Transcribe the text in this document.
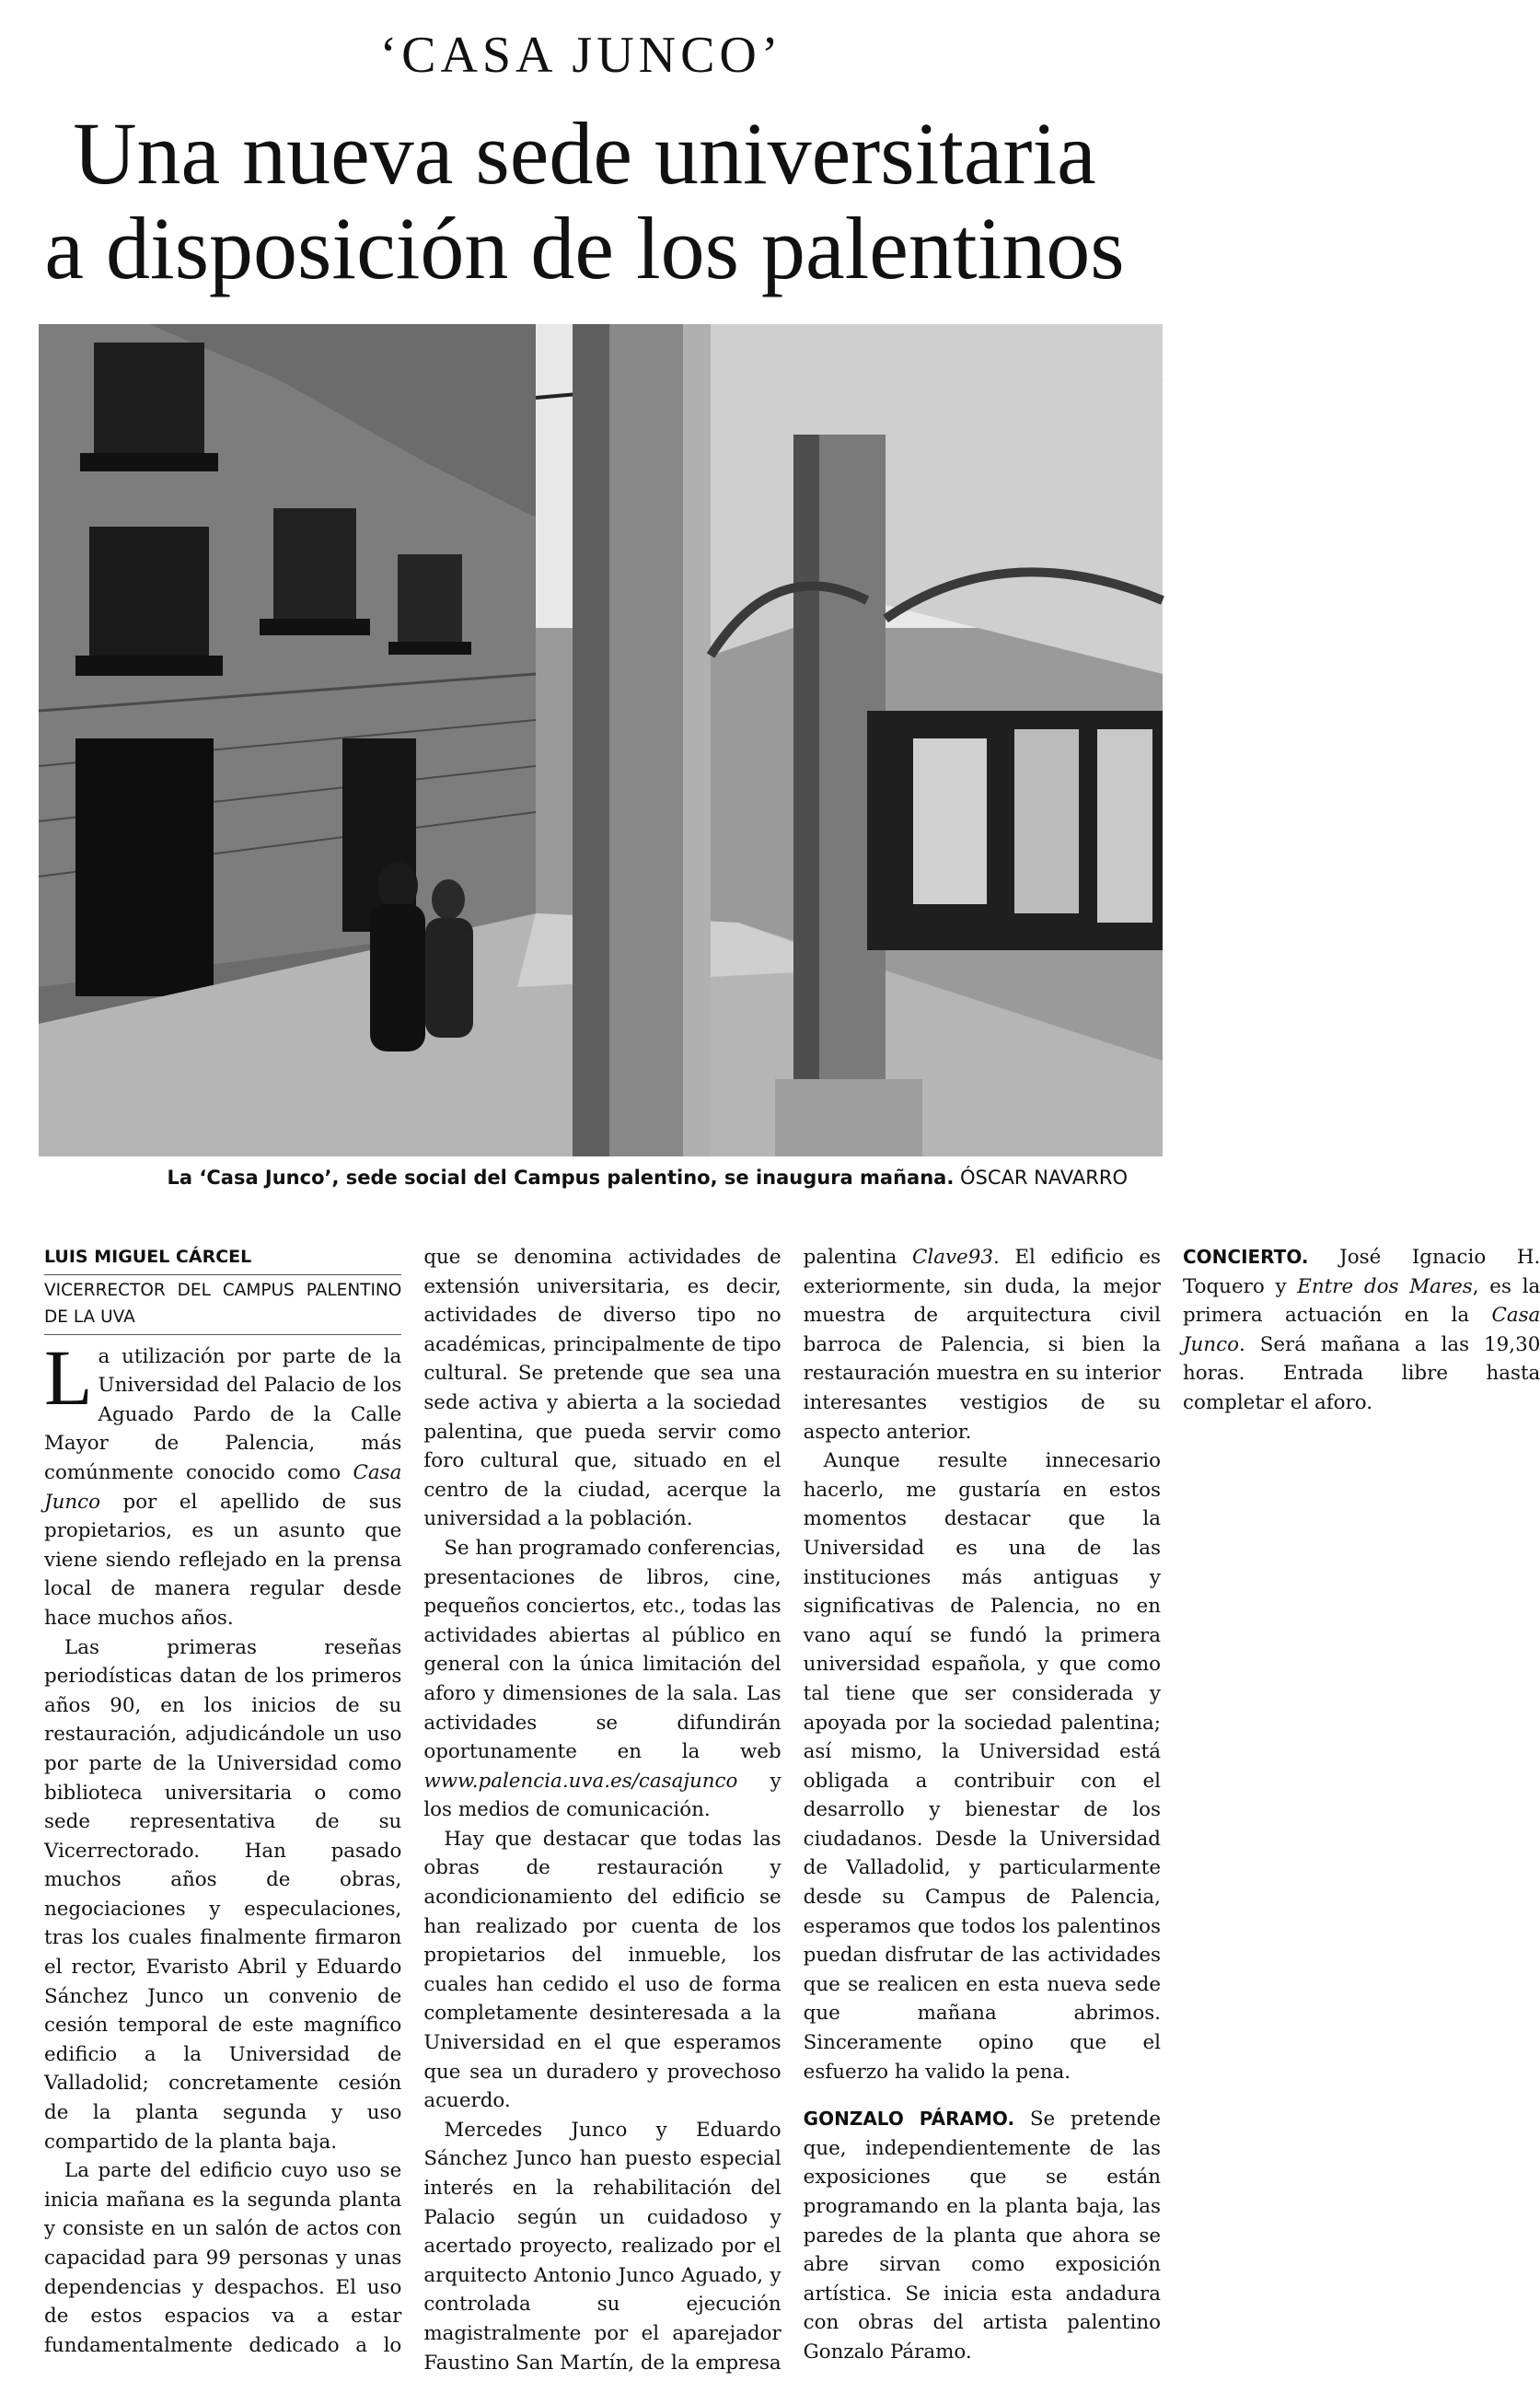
‘CASA JUNCO’
Una nueva sede universitaria
a disposición de los palentinos
La ‘Casa Junco’, sede social del Campus palentino, se inaugura mañana. ÓSCAR NAVARRO
LUIS MIGUEL CÁRCEL
VICERRECTOR DEL CAMPUS PALENTINO DE LA UVA

La utilización por parte de la Universidad del Palacio de los Aguado Pardo de la Calle Mayor de Palencia, más comúnmente conocido como Casa Junco por el apellido de sus propietarios, es un asunto que viene siendo reflejado en la prensa local de manera regular desde hace muchos años.

Las primeras reseñas periodísticas datan de los primeros años 90, en los inicios de su restauración, adjudicándole un uso por parte de la Universidad como biblioteca universitaria o como sede representativa de su Vicerrectorado. Han pasado muchos años de obras, negociaciones y especulaciones, tras los cuales finalmente firmaron el rector, Evaristo Abril y Eduardo Sánchez Junco un convenio de cesión temporal de este magnífico edificio a la Universidad de Valladolid; concretamente cesión de la planta segunda y uso compartido de la planta baja.

La parte del edificio cuyo uso se inicia mañana es la segunda planta y consiste en un salón de actos con capacidad para 99 personas y unas dependencias y despachos. El uso de estos espacios va a estar fundamentalmente dedicado a lo que se denomina actividades de extensión universitaria, es decir, actividades de diverso tipo no académicas, principalmente de tipo cultural. Se pretende que sea una sede activa y abierta a la sociedad palentina, que pueda servir como foro cultural que, situado en el centro de la ciudad, acerque la universidad a la población.

Se han programado conferencias, presentaciones de libros, cine, pequeños conciertos, etc., todas las actividades abiertas al público en general con la única limitación del aforo y dimensiones de la sala. Las actividades se difundirán oportunamente en la web www.palencia.uva.es/casajunco y los medios de comunicación.

Hay que destacar que todas las obras de restauración y acondicionamiento del edificio se han realizado por cuenta de los propietarios del inmueble, los cuales han cedido el uso de forma completamente desinteresada a la Universidad en el que esperamos que sea un duradero y provechoso acuerdo.

Mercedes Junco y Eduardo Sánchez Junco han puesto especial interés en la rehabilitación del Palacio según un cuidadoso y acertado proyecto, realizado por el arquitecto Antonio Junco Aguado, y controlada su ejecución magistralmente por el aparejador Faustino San Martín, de la empresa palentina Clave93. El edificio es exteriormente, sin duda, la mejor muestra de arquitectura civil barroca de Palencia, si bien la restauración muestra en su interior interesantes vestigios de su aspecto anterior.

Aunque resulte innecesario hacerlo, me gustaría en estos momentos destacar que la Universidad es una de las instituciones más antiguas y significativas de Palencia, no en vano aquí se fundó la primera universidad española, y que como tal tiene que ser considerada y apoyada por la sociedad palentina; así mismo, la Universidad está obligada a contribuir con el desarrollo y bienestar de los ciudadanos. Desde la Universidad de Valladolid, y particularmente desde su Campus de Palencia, esperamos que todos los palentinos puedan disfrutar de las actividades que se realicen en esta nueva sede que mañana abrimos. Sinceramente opino que el esfuerzo ha valido la pena.

GONZALO PÁRAMO. Se pretende que, independientemente de las exposiciones que se están programando en la planta baja, las paredes de la planta que ahora se abre sirvan como exposición artística. Se inicia esta andadura con obras del artista palentino Gonzalo Páramo.

CONCIERTO. José Ignacio H. Toquero y Entre dos Mares, es la primera actuación en la Casa Junco. Será mañana a las 19,30 horas. Entrada libre hasta completar el aforo.
